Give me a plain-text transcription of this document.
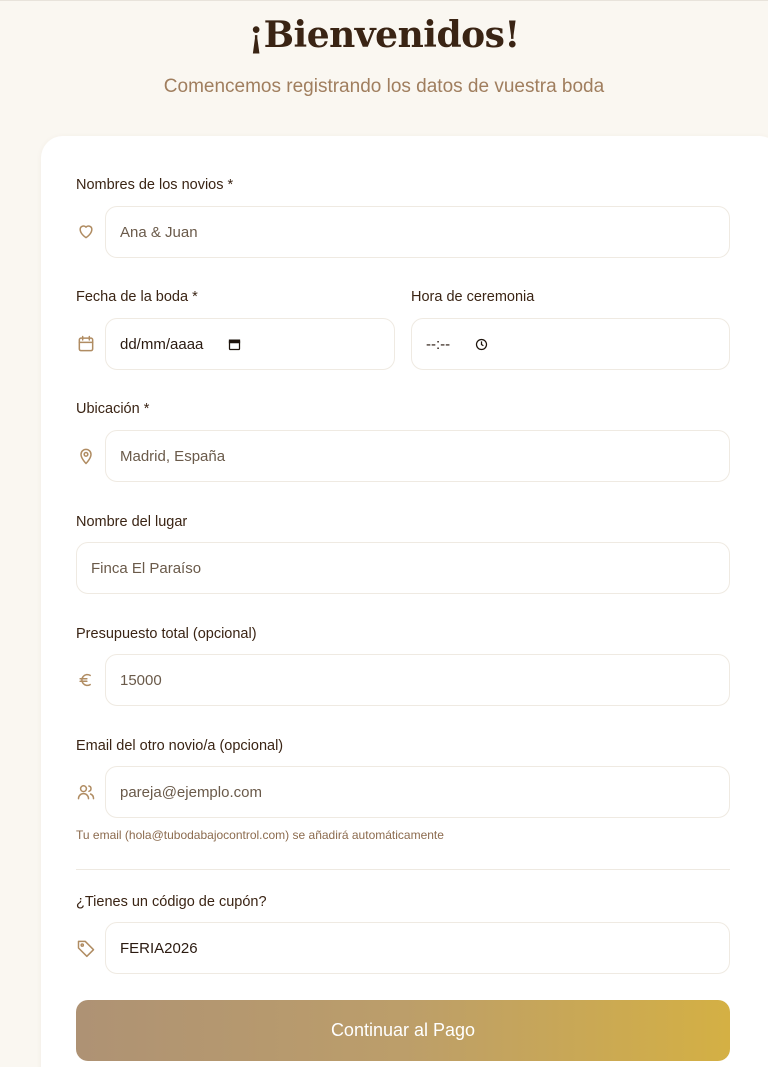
¡Bienvenidos!

Comencemos registrando los datos de vuestra boda

Nombres de los novios *
Ana & Juan
Fecha de la boda *
dd/mm/aaaa
Hora de ceremonia
--:--
Ubicación *
Madrid, España
Nombre del lugar
Finca El Paraíso
Presupuesto total (opcional)
15000
Email del otro novio/a (opcional)
pareja@ejemplo.com

Tu email (hola@tubodabajocontrol.com) se añadirá automáticamente

¿Tienes un código de cupón?
FERIA2026
Continuar al Pago
